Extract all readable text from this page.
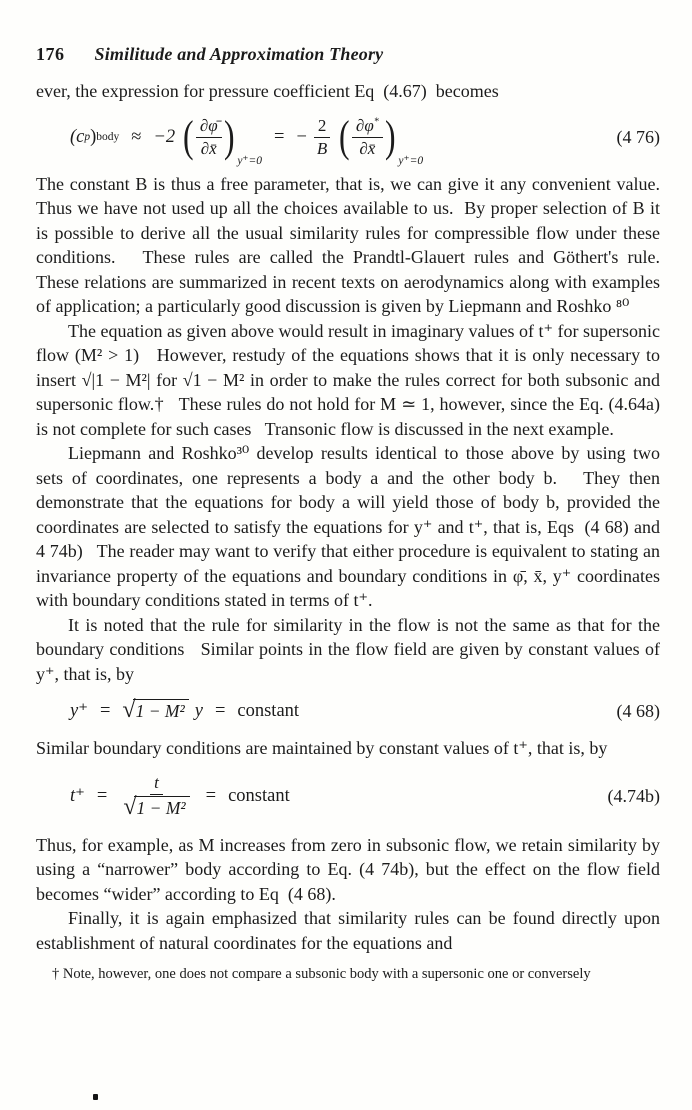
176 Similitude and Approximation Theory

ever, the expression for pressure coefficient Eq  (4.67)  becomes

(c p ) body ≈ −2 ( $\frac{\partial\varphī}{\partial x̄}$ ) y⁺=0
= − $\frac{2}{B}$ ( $\frac{\partial\varphi^*}{\partial x̄}$ ) y⁺=0
(4 76)

The constant B is thus a free parameter, that is, we can give it any convenient value.   Thus we have not used up all the choices available to us.  By proper selection of B it is possible to derive all the usual similarity rules for compressible flow under these conditions.   These rules are called the Prandtl-Glauert rules and Göthert's rule.   These relations are summarized in recent texts on aerodynamics along with examples of application; a particularly good discussion is given by Liepmann and Roshko ⁸⁰

The equation as given above would result in imaginary values of t⁺ for supersonic flow (M² > 1)   However, restudy of the equations shows that it is only necessary to insert √|1 − M²| for √1 − M² in order to make the rules correct for both subsonic and supersonic flow.†   These rules do not hold for M ≃ 1, however, since the Eq. (4.64a) is not complete for such cases   Transonic flow is discussed in the next example.

Liepmann and Roshko³⁰ develop results identical to those above by using two sets of coordinates, one represents a body a and the other body b.   They then demonstrate that the equations for body a will yield those of body b, provided the coordinates are selected to satisfy the equations for y⁺ and t⁺, that is, Eqs  (4 68) and 4 74b)   The reader may want to verify that either procedure is equivalent to stating an invariance property of the equations and boundary conditions in φ̄, x̄, y⁺ coordinates with boundary conditions stated in terms of t⁺.

It is noted that the rule for similarity in the flow is not the same as that for the boundary conditions   Similar points in the flow field are given by constant values of y⁺, that is, by

y⁺ = √ 1 − M² y = constant	(4 68)

Similar boundary conditions are maintained by constant values of t⁺, that is, by

$t^+ = \frac{t}{\text{√ 1 − M²}}$ = constant	(4.74b)

Thus, for example, as M increases from zero in subsonic flow, we retain similarity by using a “narrower” body according to Eq. (4 74b), but the effect on the flow field becomes “wider” according to Eq  (4 68).

Finally, it is again emphasized that similarity rules can be found directly upon establishment of natural coordinates for the equations and

† Note, however, one does not compare a subsonic body with a supersonic one or conversely
